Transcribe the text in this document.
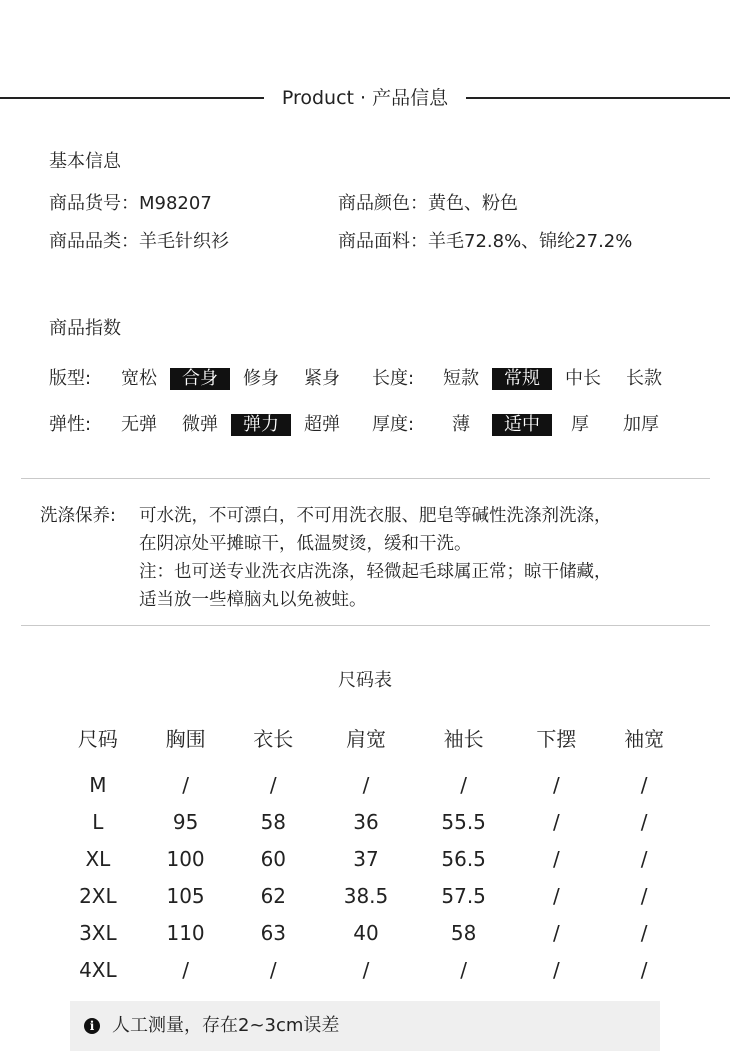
Product · 产品信息
基本信息
商品货号：M98207	商品颜色：黄色、粉色
商品品类：羊毛针织衫	商品面料：羊毛72.8%、锦纶27.2%
商品指数
版型:	宽松	合身	修身	紧身	长度:	短款	常规	中长	长款
弹性:	无弹	微弹	弹力	超弹	厚度:	薄	适中	厚	加厚
洗涤保养: 可水洗，不可漂白，不可用洗衣服、肥皂等碱性洗涤剂洗涤，
在阴凉处平摊晾干，低温熨烫，缓和干洗。
注：也可送专业洗衣店洗涤，轻微起毛球属正常；晾干储藏，
适当放一些樟脑丸以免被蛀。
尺码表
尺码	胸围	衣长	肩宽	袖长	下摆	袖宽
M	/	/	/	/	/	/
L	95	58	36	55.5	/	/
XL	100	60	37	56.5	/	/
2XL	105	62	38.5	57.5	/	/
3XL	110	63	40	58	/	/
4XL	/	/	/	/	/	/
i 人工测量，存在2~3cm误差
